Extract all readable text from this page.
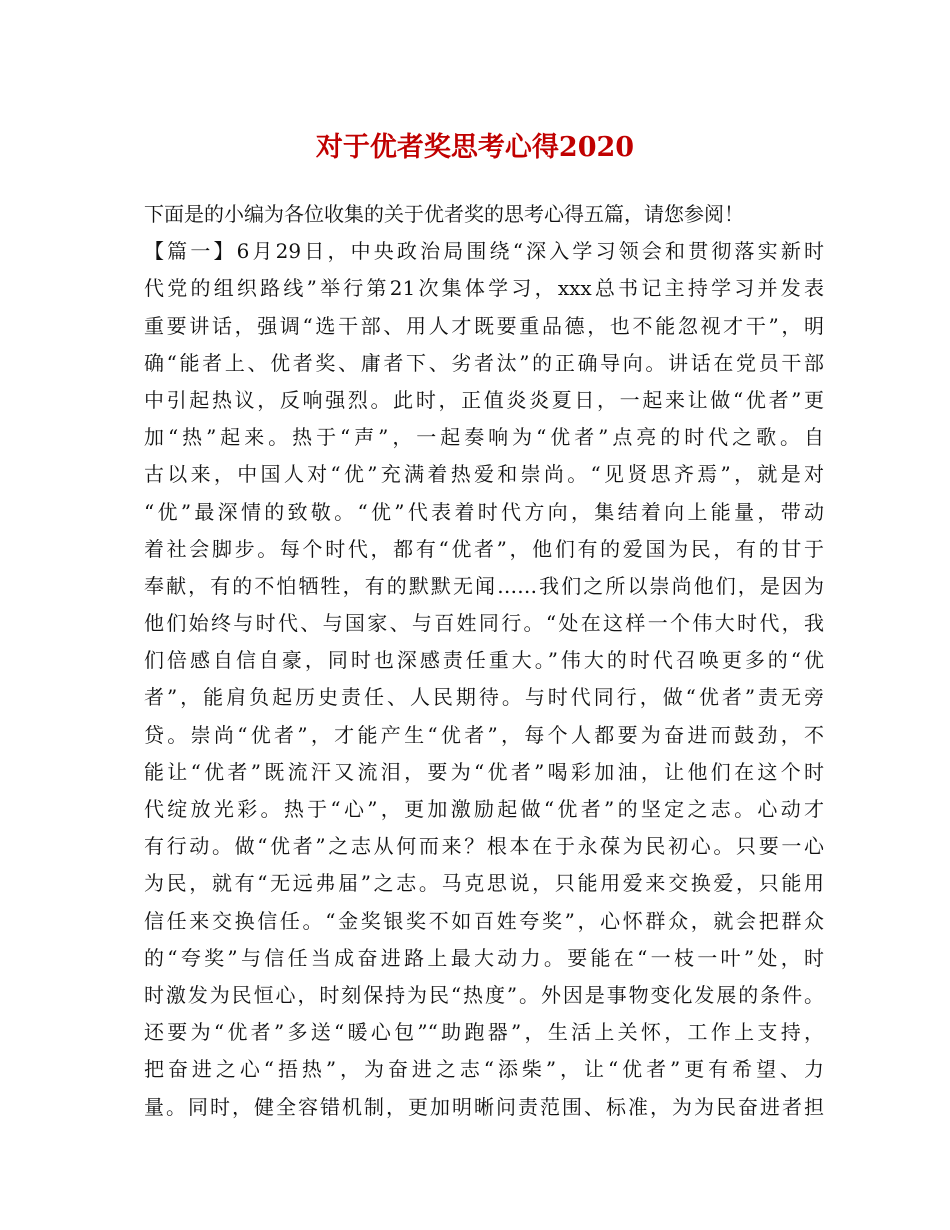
对于优者奖思考心得2020
下面是的小编为各位收集的关于优者奖的思考心得五篇，请您参阅！
【篇一】6月29日，中央政治局围绕“深入学习领会和贯彻落实新时
代党的组织路线”举行第21次集体学习，xxx总书记主持学习并发表
重要讲话，强调“选干部、用人才既要重品德，也不能忽视才干”，明
确“能者上、优者奖、庸者下、劣者汰”的正确导向。讲话在党员干部
中引起热议，反响强烈。此时，正值炎炎夏日，一起来让做“优者”更
加“热”起来。热于“声”，一起奏响为“优者”点亮的时代之歌。自
古以来，中国人对“优”充满着热爱和崇尚。“见贤思齐焉”，就是对
“优”最深情的致敬。“优”代表着时代方向，集结着向上能量，带动
着社会脚步。每个时代，都有“优者”，他们有的爱国为民，有的甘于
奉献，有的不怕牺牲，有的默默无闻……我们之所以崇尚他们，是因为
他们始终与时代、与国家、与百姓同行。“处在这样一个伟大时代，我
们倍感自信自豪，同时也深感责任重大。”伟大的时代召唤更多的“优
者”，能肩负起历史责任、人民期待。与时代同行，做“优者”责无旁
贷。崇尚“优者”，才能产生“优者”，每个人都要为奋进而鼓劲，不
能让“优者”既流汗又流泪，要为“优者”喝彩加油，让他们在这个时
代绽放光彩。热于“心”，更加激励起做“优者”的坚定之志。心动才
有行动。做“优者”之志从何而来？根本在于永葆为民初心。只要一心
为民，就有“无远弗届”之志。马克思说，只能用爱来交换爱，只能用
信任来交换信任。“金奖银奖不如百姓夸奖”，心怀群众，就会把群众
的“夸奖”与信任当成奋进路上最大动力。要能在“一枝一叶”处，时
时激发为民恒心，时刻保持为民“热度”。外因是事物变化发展的条件。
还要为“优者”多送“暖心包”“助跑器”，生活上关怀，工作上支持，
把奋进之心“捂热”，为奋进之志“添柴”，让“优者”更有希望、力
量。同时，健全容错机制，更加明晰问责范围、标准，为为民奋进者担
